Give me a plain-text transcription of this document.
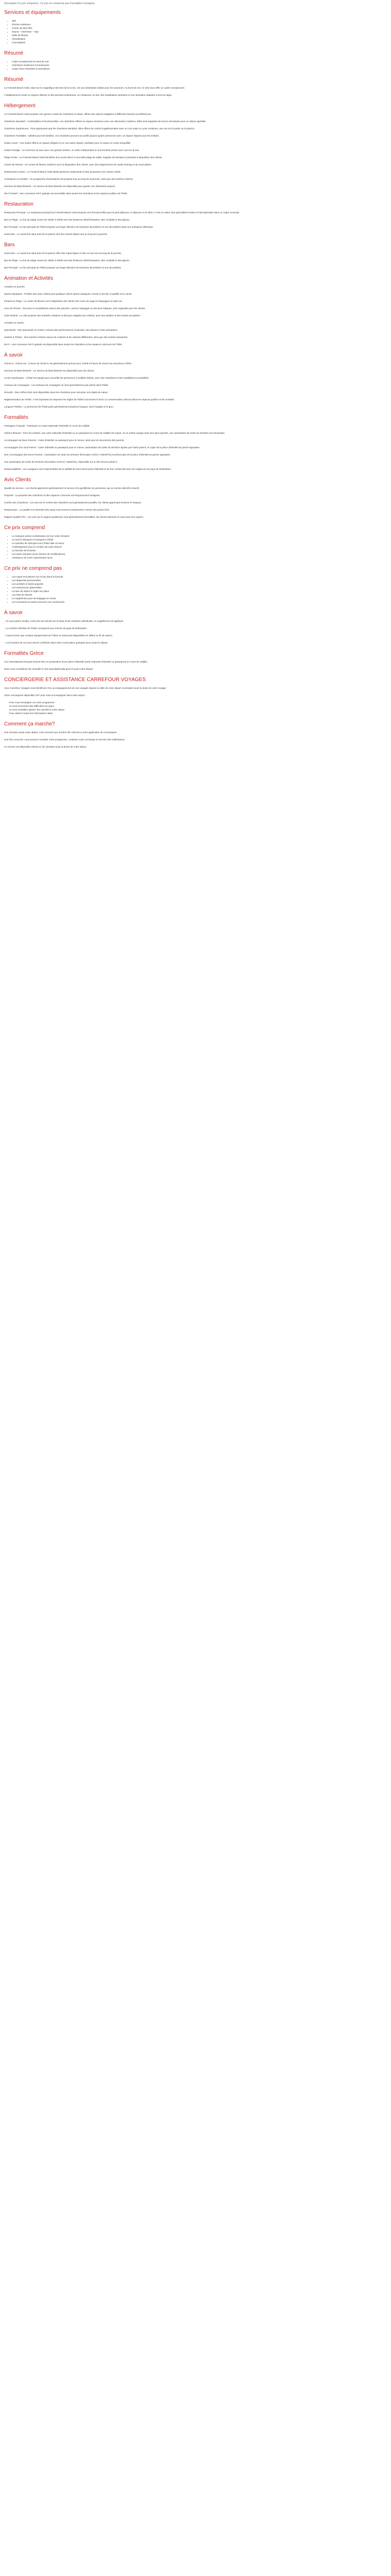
Description Ce prix comprend : Ce prix ne comprend pas Formalités Consignes
Services et équipements
• Wifi
• Piscine extérieure
• Centre de bien-être
• Sauna – Hammam – Spa
• Salle de fitness
• Climatisation
• Conciergerie
Résumé
• Cadre exceptionnel en bord de mer
• Chambres modernes et lumineuses
• Large choix d'activités et animations
Résumé

Le Fontvieil Beach hotel, situé sur le magnifique site Bon de la Croix, est une destination idéale pour les vacances. Au bord de mer, le club vous offre un cadre exceptionnel.

L'établissement réunit un espace détente et des piscines extérieures, un restaurant, un bar, des installations sportives et une animation adaptée à tous les âges.

Hébergement

Le Fontvieil Beach hotel propose une gamme variée de chambres et suites, offrant des options adaptées à différents besoins et préférences.

Chambres Standard : Confortables et fonctionnelles, ces chambres offrent un espace lumineux avec une décoration moderne. Elles sont équipées de tout le nécessaire pour un séjour agréable.

Chambres Supérieures : Plus spacieuses que les chambres standard, elles offrent du confort supplémentaire avec un coin salon et, pour certaines, une vue sur le jardin ou la piscine.

Chambres Familiales : Idéales pour les familles, ces chambres peuvent accueillir jusqu'à quatre personnes avec un espace séparé pour les enfants.

Suites Junior : Ces suites offrent un espace élégant et un coin salon séparé, parfaites pour un séjour en toute tranquillité.

Suites Prestige : Le summum du luxe avec une grande surface, un salon indépendant et une terrasse privée avec vue sur la mer.

Plage Privée : Le Fontvieil Beach hotel bénéficie d'un accès direct à une belle plage de sable, équipée de transats et parasols à disposition des clients.

Centre de Fitness : Un centre de fitness moderne est à la disposition des clients, avec des équipements de cardio-training et de musculation.

Restaurants et Bars : Le Fontvieil Beach hotel abrite plusieurs restaurants et bars proposant une cuisine variée.

Animations et Activités : Un programme d'animations est proposé tout au long de la journée, ainsi que des soirées à thème.

Services de Blanchisserie : Un service de blanchisserie est disponible pour garder vos vêtements propres.

Wi-Fi Gratuit : Une connexion Wi-Fi gratuite est accessible dans toutes les chambres et les espaces publics de l'hôtel.

Restauration

Restaurant Principal : Le restaurant principal du Fontvieil Beach Hotel propose une formule buffet pour le petit déjeuner, le déjeuner et le dîner. Il met en valeur des spécialités locales et internationales dans un cadre convivial.

Bar en Plage : Le bar de plage ouvert de 10h00 à 20h00 sert des boissons rafraîchissantes, des cocktails et des glaces.

Bar Principal : Le bar principal de l'hôtel propose une large sélection de boissons alcoolisées et non alcoolisées dans une ambiance détendue.

Snack Bar : Le snack bar situé près de la piscine sert des snacks légers tout au long de la journée.

Bars

Snack Bar : Le snack bar situé près de la piscine offre des repas légers et des en-cas tout au long de la journée.

Bar de Plage : Le bar de plage ouvert de 10h00 à 20h00 sert des boissons rafraîchissantes, des cocktails et des glaces.

Bar Principal : Le bar principal de l'hôtel propose une large sélection de boissons alcoolisées et non alcoolisées.

Animation et Activités

Activités en journée

Sports Nautiques : Profitez des eaux claires pour pratiquer divers sports nautiques comme le jet-ski, le paddle et le canoë.

Fitness en Plage : Le centre de fitness met à disposition des clients des cours de yoga et d'aquagym en plein air.

Jeux de Piscine : Des jeux et compétitions autour des piscines, comme l'aquagym et des jeux ludiques, sont organisés pour les clients.

Club Enfants : Le club propose des activités créatives et des jeux adaptés aux enfants, avec des ateliers et des sorties encadrées.

Activités en Soirée :

Spectacles : Des spectacles en soirée, incluant des performances musicales, des danses et des animations.

Soirées à Thème : Des soirées à thème autour de cuisines et de cultures différentes, ainsi que des soirées dansantes.

Wi-Fi : Une connexion Wi-Fi gratuite est disponible dans toutes les chambres et les espaces communs de l'hôtel.

À savoir

Check-in : Check-out : L'heure de check-in est généralement prévue pour 14h00 à l'heure de check-out est prévue 12h00.

Services de Blanchisserie : Un service de blanchisserie est disponible pour les clients.

Accès Handicapés : L'hôtel est équipé pour accueillir les personnes à mobilité réduite, avec des chambres et des installations accessibles.

Animaux de Compagnie : Les animaux de compagnie ne sont généralement pas admis dans l'hôtel.

Sécurité : Des coffres-forts sont disponibles dans les chambres pour sécuriser vos objets de valeur.

Réglementation de l'Hôtel : Il est important de respecter les règles de l'hôtel concernant le bruit, la consommation d'alcool dans les espaces publics et les activités.

Langues Parlées : Le personnel de l'hôtel parle généralement plusieurs langues, dont l'anglais et le grec.

Formalités

Passagers Français : Passeport ou Carte Nationale d'Identité en cours de validité.

Visiteur Mineurs : Pour les enfants, une carte nationale d'identité ou un passeport en cours de validité est requis. Si un enfant voyage sans ses deux parents, une autorisation de sortie du territoire est nécessaire.

Accompagné de Deux Parents : Carte d'identité ou passeport pour le mineur, ainsi que les documents des parents.

Accompagné d'un Seul Parent : Carte d'identité ou passeport pour le mineur, autorisation de sortie du territoire signée par l'autre parent, et copie de la pièce d'identité du parent signataire.

Non Accompagné des Deux Parents : Autorisation de sortie du territoire (formulaire Cerfa n°15646*01) et photocopie de la pièce d'identité du parent signataire.

Une autorisation de sortie du territoire (formulaire Cerfa N° 15646*01), disponible sur le site service-public.fr.

Responsabilités : Les voyageurs sont responsables de la validité de leurs documents d'identité et de leur conformité avec les exigences du pays de destination.

Avis Clients

Qualité du Service : Les clients apprécient généralement le service et la gentillesse du personnel, qui se montre attentif et réactif.

Propreté : La propreté des chambres et des espaces communs est fréquemment soulignée.

Confort des Chambres : Les avis sur le confort des chambres sont généralement positifs, les clients appréciant la literie et l'espace.

Restauration : La qualité et la diversité des repas sont souvent mentionnées comme des points forts.

Rapport Qualité-Prix : Les avis sur le rapport qualité-prix sont généralement favorables, les clients estimant en avoir pour leur argent.

Ce prix comprend
• Le transport aérien à destination de Kos votre Aéroport
• Accueil à l'aéroport et transport à l'hôtel
• Le transfert de l'aéroport vers l'hôtel aller et retour
• L'hébergement pour le nombre de nuits réservé
• La formule all inclusive
• Les taxes aéroport (sous réserve de modifications)
• Assistance de notre représentant local
Ce prix ne comprend pas
• Les repas et boissons non inclus dans la formule
• Les dépenses personnelles
• Les activités et loisirs payants
• Les assurances optionnelles
• La taxe de séjour à régler sur place
• Les frais de dossier
• Le supplément pour les bagages en soute
• Les excursions et autres services non mentionnés
À savoir

– Si vous partez seul(e), votre prix est calculé sur la base d'une chambre individuelle, un supplément est appliqué.

– Le nombre d'étoiles de l'hôtel correspond aux normes du pays de destination.

– Il peut arriver que certains équipements de l'hôtel ne soient pas disponibles en début ou fin de saison.

– Les horaires de vol vous seront confirmés dans votre convocation quelques jours avant le départ.

Formalités Grèce

Les ressortissants français doivent être en possession d'une pièce d'identité (carte nationale d'identité ou passeport) en cours de validité.

Nous vous conseillons de consulter le site www.diplomatie.gouv.fr avant votre départ.

CONCIERGERIE ET ASSISTANCE CARREFOUR VOYAGES

Avec Carrefour Voyages vous bénéficiez d'un accompagnement de vos voyages depuis la veille du votre départ et pendant toute la durée de votre voyage.

Votre conciergerie disponible 24/7 pour vous accompagner dans votre séjour :

Pour vous renseigner sur votre programme
Si vous rencontrez des difficultés sur place
Si vous souhaitez ajouter des activités à votre séjour
Pour obtenir toutes les informations utiles
Comment ça marche?

Une semaine avant votre départ, vous recevrez par email le lien d'accès à votre application de conciergerie.

Une fois connecté, vous pourrez consulter votre programme, contacter votre concierge et recevoir des notifications.

Ce service est disponible 24h/24 et 7j/7 pendant toute la durée de votre séjour.
